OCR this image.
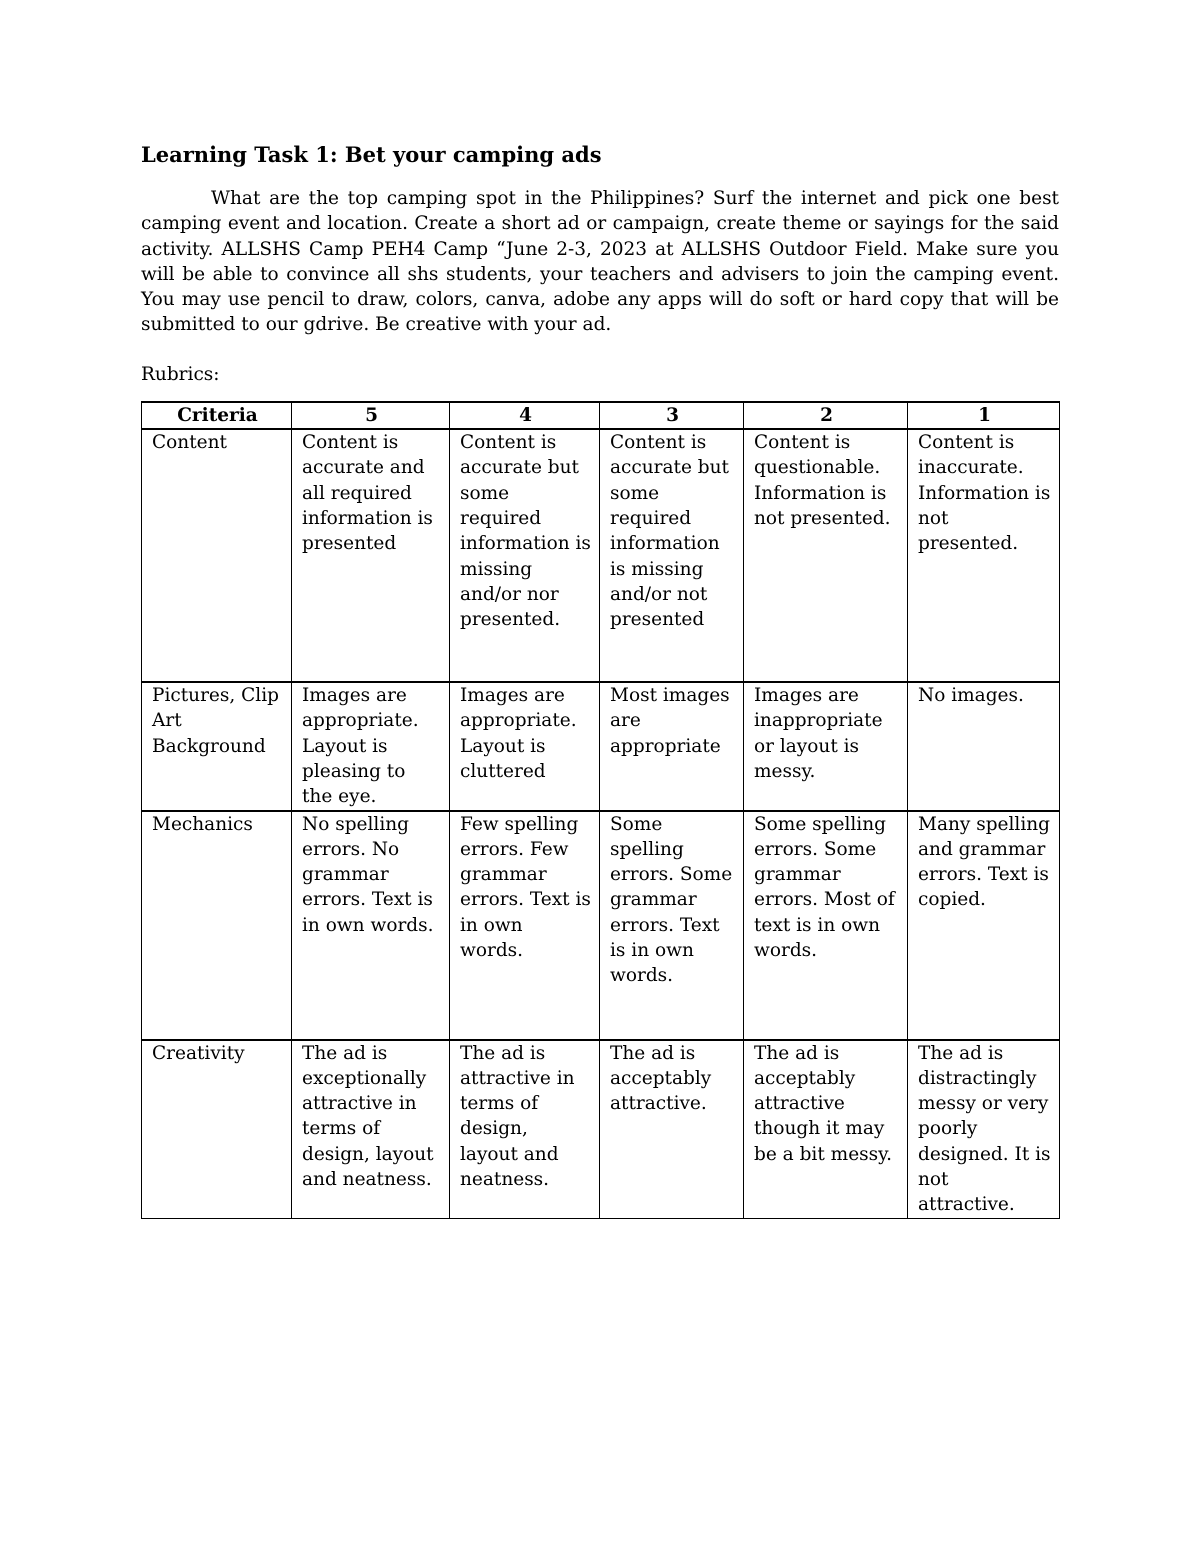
Learning Task 1: Bet your camping ads

What are the top camping spot in the Philippines? Surf the internet and pick one best camping event and location. Create a short ad or campaign, create theme or sayings for the said activity. ALLSHS Camp PEH4 Camp “June 2-3, 2023 at ALLSHS Outdoor Field. Make sure you will be able to convince all shs students, your teachers and advisers to join the camping event. You may use pencil to draw, colors, canva, adobe any apps will do soft or hard copy that will be submitted to our gdrive. Be creative with your ad.

Rubrics:
Criteria	5	4	3	2	1
Content	Content is accurate and all required information is presented	Content is accurate but some required information is missing and/or nor presented.	Content is accurate but some required information is missing and/or not presented	Content is questionable. Information is not presented.	Content is inaccurate. Information is not presented.
Pictures, Clip Art Background	Images are appropriate. Layout is pleasing to the eye.	Images are appropriate. Layout is cluttered	Most images are appropriate	Images are inappropriate or layout is messy.	No images.
Mechanics	No spelling errors. No grammar errors. Text is in own words.	Few spelling errors. Few grammar errors. Text is in own words.	Some spelling errors. Some grammar errors. Text is in own words.	Some spelling errors. Some grammar errors. Most of text is in own words.	Many spelling and grammar errors. Text is copied.
Creativity	The ad is exceptionally attractive in terms of design, layout and neatness.	The ad is attractive in terms of design, layout and neatness.	The ad is acceptably attractive.	The ad is acceptably attractive though it may be a bit messy.	The ad is distractingly messy or very poorly designed. It is not attractive.
